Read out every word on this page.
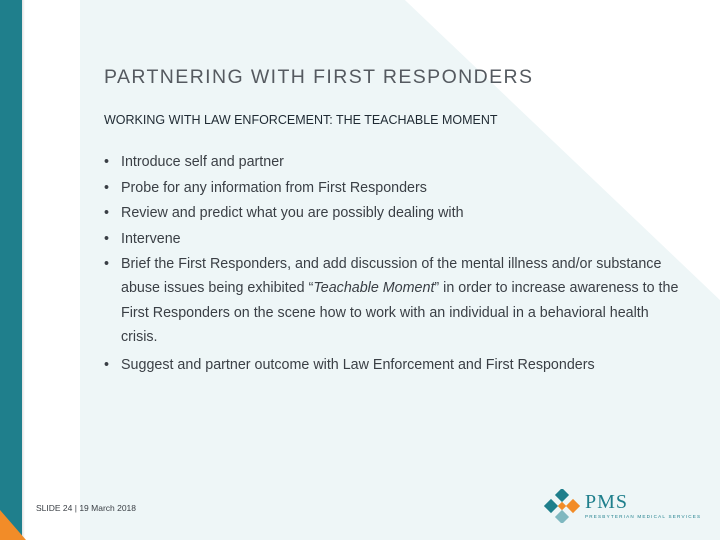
PARTNERING WITH FIRST RESPONDERS
WORKING WITH LAW ENFORCEMENT: THE TEACHABLE MOMENT
• Introduce self and partner
• Probe for any information from First Responders
• Review and predict what you are possibly dealing with
• Intervene
• Brief the First Responders, and add discussion of the mental illness and/or substance abuse issues being exhibited “Teachable Moment” in order to increase awareness to the First Responders on the scene how to work with an individual in a behavioral health crisis.
• Suggest and partner outcome with Law Enforcement and First Responders
SLIDE 24 | 19 March 2018	PMS
PRESBYTERIAN MEDICAL SERVICES
